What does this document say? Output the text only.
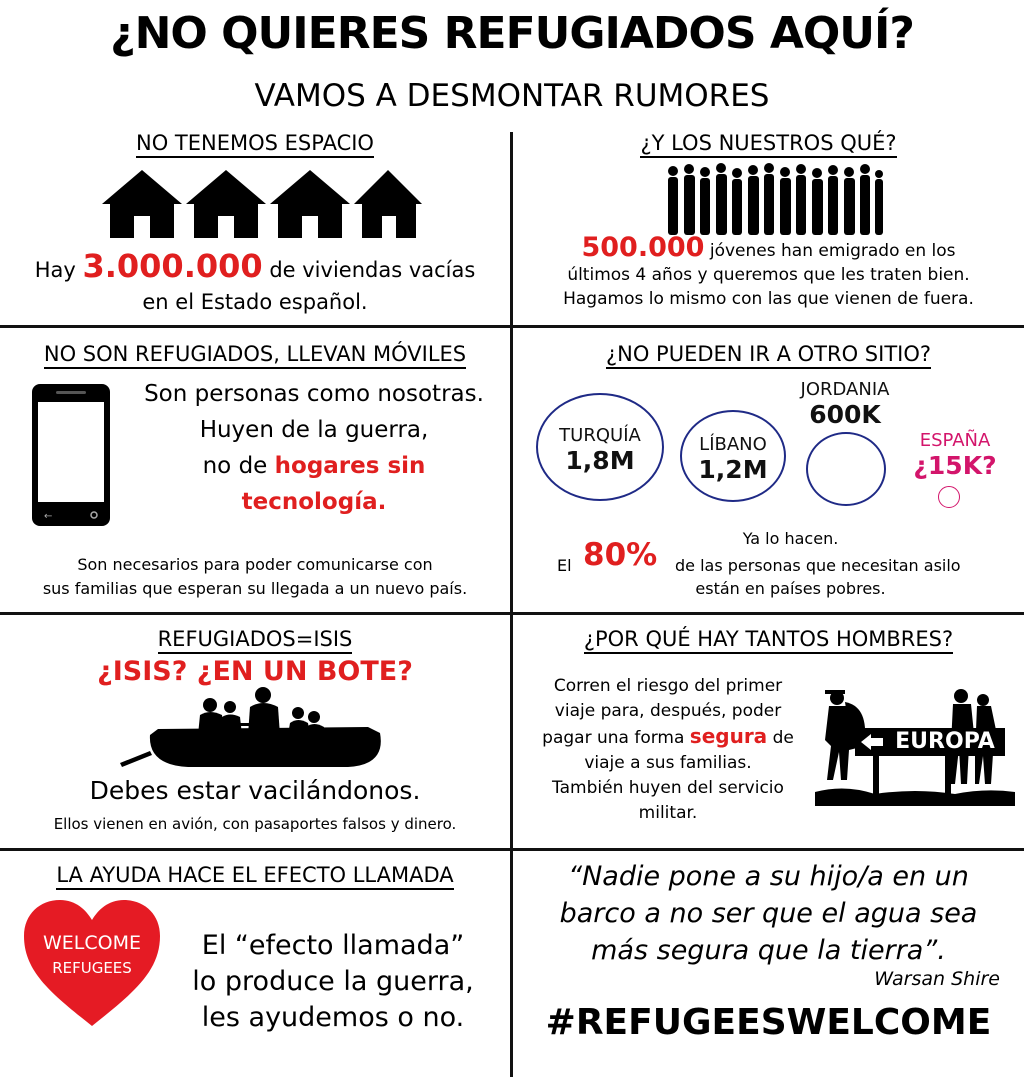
¿NO QUIERES REFUGIADOS AQUÍ?
VAMOS A DESMONTAR RUMORES
NO TENEMOS ESPACIO
Hay 3.000.000 de viviendas vacías
en el Estado español.
¿Y LOS NUESTROS QUÉ?
500.000 jóvenes han emigrado en los
últimos 4 años y queremos que les traten bien.
Hagamos lo mismo con las que vienen de fuera.
NO SON REFUGIADOS, LLEVAN MÓVILES
←
Son personas como nosotras.
Huyen de la guerra,
no de hogares sin
tecnología.
Son necesarios para poder comunicarse con
sus familias que esperan su llegada a un nuevo país.
¿NO PUEDEN IR A OTRO SITIO?
TURQUÍA
1,8M
LÍBANO
1,2M
JORDANIA
600K
ESPAÑA
¿15K?
Ya lo hacen.
El 80% de las personas que necesitan asilo
están en países pobres.
REFUGIADOS=ISIS
¿ISIS? ¿EN UN BOTE?
Debes estar vacilándonos.
Ellos vienen en avión, con pasaportes falsos y dinero.
¿POR QUÉ HAY TANTOS HOMBRES?
Corren el riesgo del primer
viaje para, después, poder
pagar una forma segura de
viaje a sus familias.
También huyen del servicio
militar.
EUROPA
LA AYUDA HACE EL EFECTO LLAMADA
WELCOME
REFUGEES
El “efecto llamada”
lo produce la guerra,
les ayudemos o no.
“Nadie pone a su hijo/a en un
barco a no ser que el agua sea
más segura que la tierra”.
Warsan Shire
#REFUGEESWELCOME
